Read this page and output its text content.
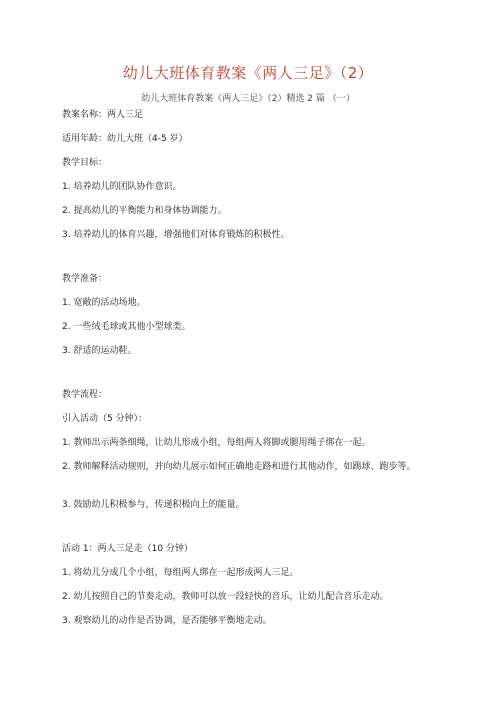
幼儿大班体育教案《两人三足》（2）
幼儿大班体育教案《两人三足》（2）精选 2 篇 （一）
教案名称：两人三足
适用年龄：幼儿大班（4-5 岁）
教学目标：
1. 培养幼儿的团队协作意识。
2. 提高幼儿的平衡能力和身体协调能力。
3. 培养幼儿的体育兴趣，增强他们对体育锻炼的积极性。
教学准备：
1. 宽敞的活动场地。
2. 一些绒毛球或其他小型球类。
3. 舒适的运动鞋。
教学流程：
引入活动（5 分钟）：
1. 教师出示两条细绳，让幼儿形成小组，每组两人将脚或腿用绳子绑在一起。
2. 教师解释活动规则，并向幼儿展示如何正确地走路和进行其他动作，如踢球、跑步等。
3. 鼓励幼儿积极参与，传递积极向上的能量。
活动 1：两人三足走（10 分钟）
1. 将幼儿分成几个小组，每组两人绑在一起形成两人三足。
2. 幼儿按照自己的节奏走动，教师可以放一段轻快的音乐，让幼儿配合音乐走动。
3. 观察幼儿的动作是否协调，是否能够平衡地走动。
